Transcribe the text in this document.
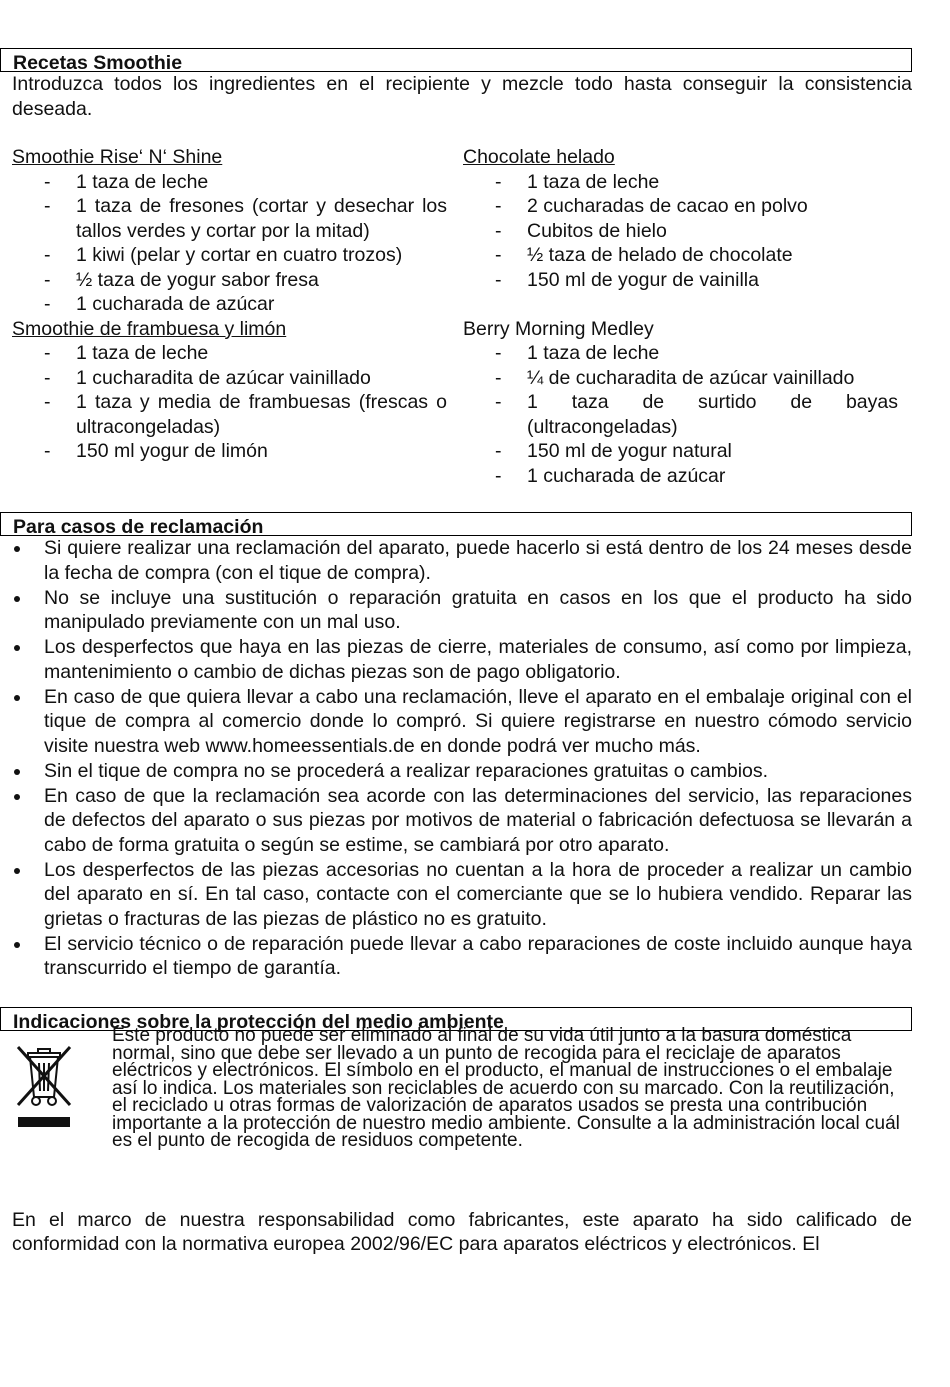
Recetas Smoothie

Introduzca todos los ingredientes en el recipiente y mezcle todo hasta conseguir la consistencia deseada.

Smoothie Rise‘ N‘ Shine
- 1 taza de leche
- 1 taza de fresones (cortar y desechar los tallos verdes y cortar por la mitad)
- 1 kiwi (pelar y cortar en cuatro trozos)
- ½ taza de yogur sabor fresa
- 1 cucharada de azúcar
Smoothie de frambuesa y limón
- 1 taza de leche
- 1 cucharadita de azúcar vainillado
- 1 taza y media de frambuesas (frescas o ultracongeladas)
- 150 ml yogur de limón
Chocolate helado
- 1 taza de leche
- 2 cucharadas de cacao en polvo
- Cubitos de hielo
- ½ taza de helado de chocolate
- 150 ml de yogur de vainilla
Berry Morning Medley
- 1 taza de leche
- ¼ de cucharadita de azúcar vainillado
- 1 taza de surtido de bayas (ultracongeladas)
- 150 ml de yogur natural
- 1 cucharada de azúcar
Para casos de reclamación
Si quiere realizar una reclamación del aparato, puede hacerlo si está dentro de los 24 meses desde la fecha de compra (con el tique de compra).
No se incluye una sustitución o reparación gratuita en casos en los que el producto ha sido manipulado previamente con un mal uso.
Los desperfectos que haya en las piezas de cierre, materiales de consumo, así como por limpieza, mantenimiento o cambio de dichas piezas son de pago obligatorio.
En caso de que quiera llevar a cabo una reclamación, lleve el aparato en el embalaje original con el tique de compra al comercio donde lo compró. Si quiere registrarse en nuestro cómodo servicio visite nuestra web www.homeessentials.de en donde podrá ver mucho más.
Sin el tique de compra no se procederá a realizar reparaciones gratuitas o cambios.
En caso de que la reclamación sea acorde con las determinaciones del servicio, las reparaciones de defectos del aparato o sus piezas por motivos de material o fabricación defectuosa se llevarán a cabo de forma gratuita o según se estime, se cambiará por otro aparato.
Los desperfectos de las piezas accesorias no cuentan a la hora de proceder a realizar un cambio del aparato en sí. En tal caso, contacte con el comerciante que se lo hubiera vendido. Reparar las grietas o fracturas de las piezas de plástico no es gratuito.
El servicio técnico o de reparación puede llevar a cabo reparaciones de coste incluido aunque haya transcurrido el tiempo de garantía.
Indicaciones sobre la protección del medio ambiente
Este producto no puede ser eliminado al final de su vida útil junto a la basura doméstica normal, sino que debe ser llevado a un punto de recogida para el reciclaje de aparatos eléctricos y electrónicos. El símbolo en el producto, el manual de instrucciones o el embalaje así lo indica. Los materiales son reciclables de acuerdo con su marcado. Con la reutilización, el reciclado u otras formas de valorización de aparatos usados se presta una contribución importante a la protección de nuestro medio ambiente. Consulte a la administración local cuál es el punto de recogida de residuos competente.

En el marco de nuestra responsabilidad como fabricantes, este aparato ha sido calificado de conformidad con la normativa europea 2002/96/EC para aparatos eléctricos y electrónicos. El
